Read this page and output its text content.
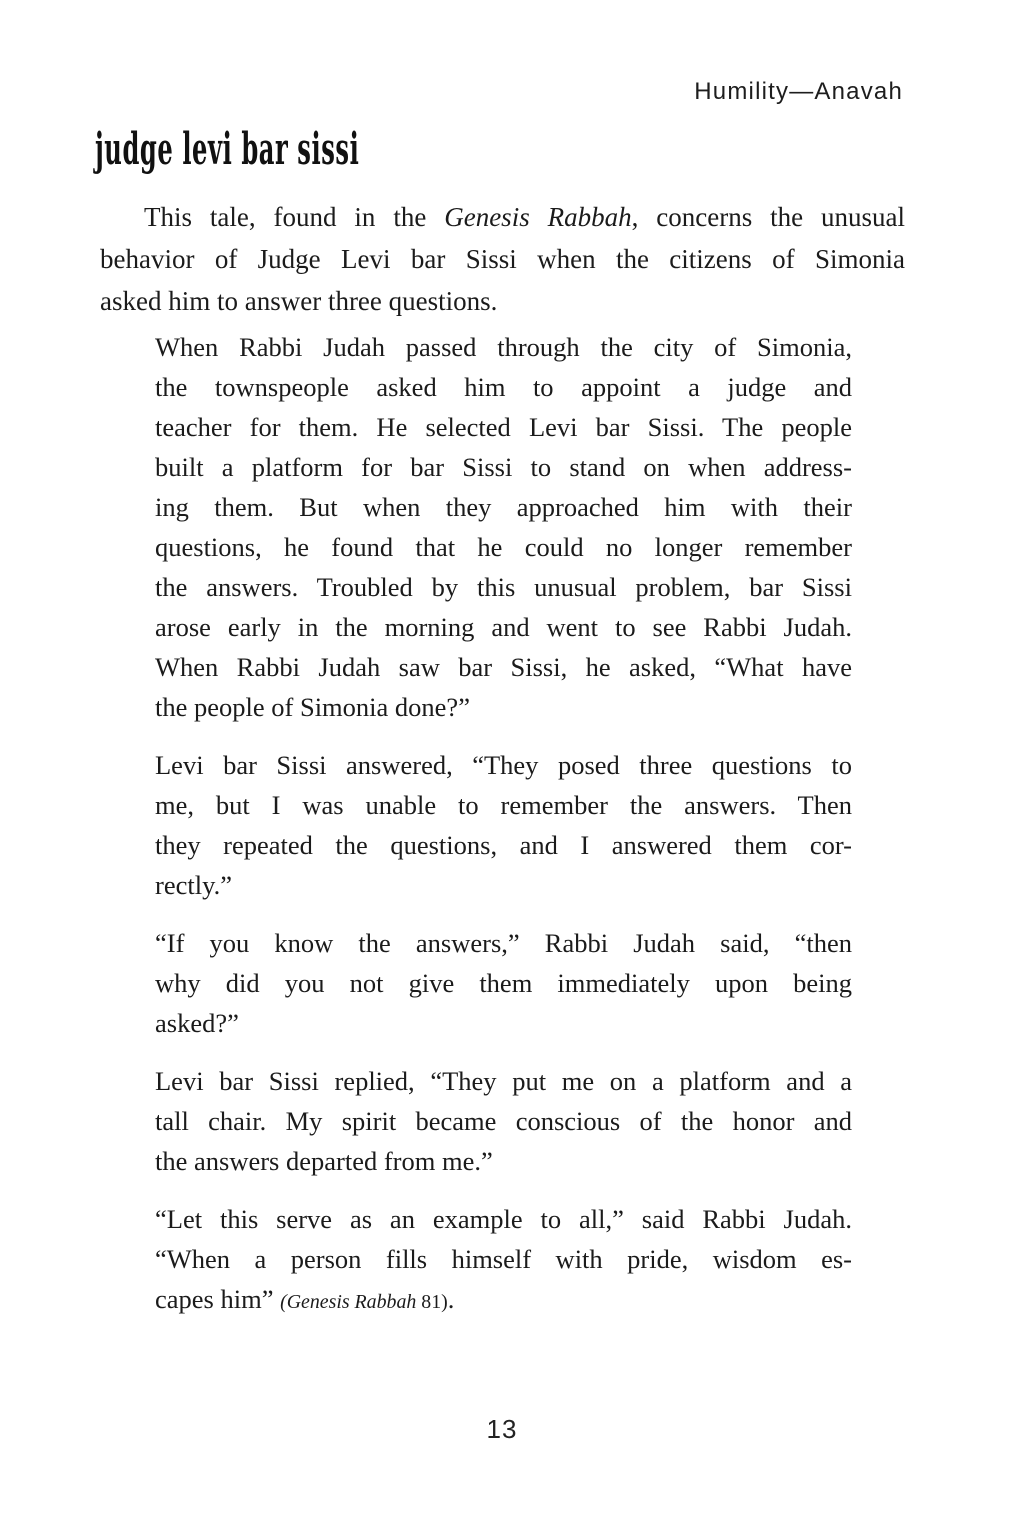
Humility—Anavah
judge levi bar sissi

This tale, found in the Genesis Rabbah, concerns the unusual
behavior of Judge Levi bar Sissi when the citizens of Simonia
asked him to answer three questions.

When Rabbi Judah passed through the city of Simonia,
the townspeople asked him to appoint a judge and
teacher for them. He selected Levi bar Sissi. The people
built a platform for bar Sissi to stand on when address-
ing them. But when they approached him with their
questions, he found that he could no longer remember
the answers. Troubled by this unusual problem, bar Sissi
arose early in the morning and went to see Rabbi Judah.
When Rabbi Judah saw bar Sissi, he asked, “What have
the people of Simonia done?”

Levi bar Sissi answered, “They posed three questions to
me, but I was unable to remember the answers. Then
they repeated the questions, and I answered them cor-
rectly.”

“If you know the answers,” Rabbi Judah said, “then
why did you not give them immediately upon being
asked?”

Levi bar Sissi replied, “They put me on a platform and a
tall chair. My spirit became conscious of the honor and
the answers departed from me.”

“Let this serve as an example to all,” said Rabbi Judah.
“When a person fills himself with pride, wisdom es-
capes him” (Genesis Rabbah 81).

13
